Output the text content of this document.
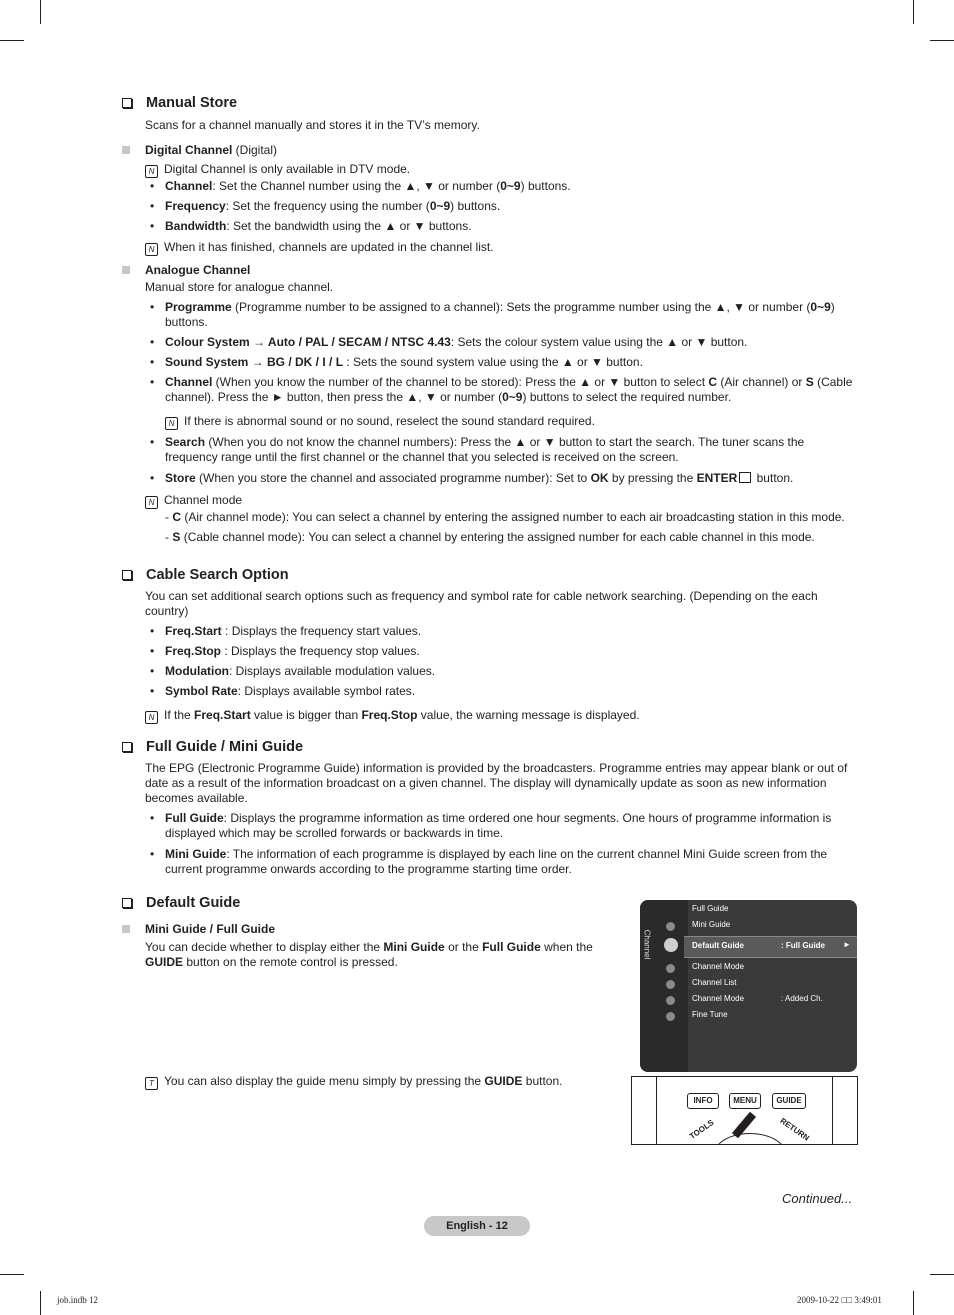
Manual Store
Scans for a channel manually and stores it in the TV’s memory.
Digital Channel (Digital)
N Digital Channel is only available in DTV mode.
• Channel: Set the Channel number using the ▲, ▼ or number (0~9) buttons.
• Frequency: Set the frequency using the number (0~9) buttons.
• Bandwidth: Set the bandwidth using the ▲ or ▼ buttons.
N When it has finished, channels are updated in the channel list.
Analogue Channel
Manual store for analogue channel.
• Programme (Programme number to be assigned to a channel): Sets the programme number using the ▲, ▼ or number (0~9) buttons.
• Colour System → Auto / PAL / SECAM / NTSC 4.43: Sets the colour system value using the ▲ or ▼ button.
• Sound System → BG / DK / I / L : Sets the sound system value using the ▲ or ▼ button.
• Channel (When you know the number of the channel to be stored): Press the ▲ or ▼ button to select C (Air channel) or S (Cable channel). Press the ► button, then press the ▲, ▼ or number (0~9) buttons to select the required number.
N If there is abnormal sound or no sound, reselect the sound standard required.
• Search (When you do not know the channel numbers): Press the ▲ or ▼ button to start the search. The tuner scans the frequency range until the first channel or the channel that you selected is received on the screen.
• Store (When you store the channel and associated programme number): Set to OK by pressing the ENTER button.
N Channel mode
- C (Air channel mode): You can select a channel by entering the assigned number to each air broadcasting station in this mode.
- S (Cable channel mode): You can select a channel by entering the assigned number for each cable channel in this mode.
Cable Search Option
You can set additional search options such as frequency and symbol rate for cable network searching. (Depending on the each country)
• Freq.Start : Displays the frequency start values.
• Freq.Stop : Displays the frequency stop values.
• Modulation: Displays available modulation values.
• Symbol Rate: Displays available symbol rates.
N If the Freq.Start value is bigger than Freq.Stop value, the warning message is displayed.
Full Guide / Mini Guide
The EPG (Electronic Programme Guide) information is provided by the broadcasters. Programme entries may appear blank or out of date as a result of the information broadcast on a given channel. The display will dynamically update as soon as new information becomes available.
• Full Guide: Displays the programme information as time ordered one hour segments. One hours of programme information is displayed which may be scrolled forwards or backwards in time.
• Mini Guide: The information of each programme is displayed by each line on the current channel Mini Guide screen from the current programme onwards according to the programme starting time order.
Default Guide
Mini Guide / Full Guide
You can decide whether to display either the Mini Guide or the Full Guide when the GUIDE button on the remote control is pressed.
T You can also display the guide menu simply by pressing the GUIDE button.
Channel
Full Guide
Mini Guide
Default Guide	: Full Guide ►
Channel Mode
Channel List
Channel Mode	: Added Ch.
Fine Tune
INFO	MENU	GUIDE
TOOLS	RETURN
Continued...
English - 12
job.indb 12	2009-10-22 □□ 3:49:01
